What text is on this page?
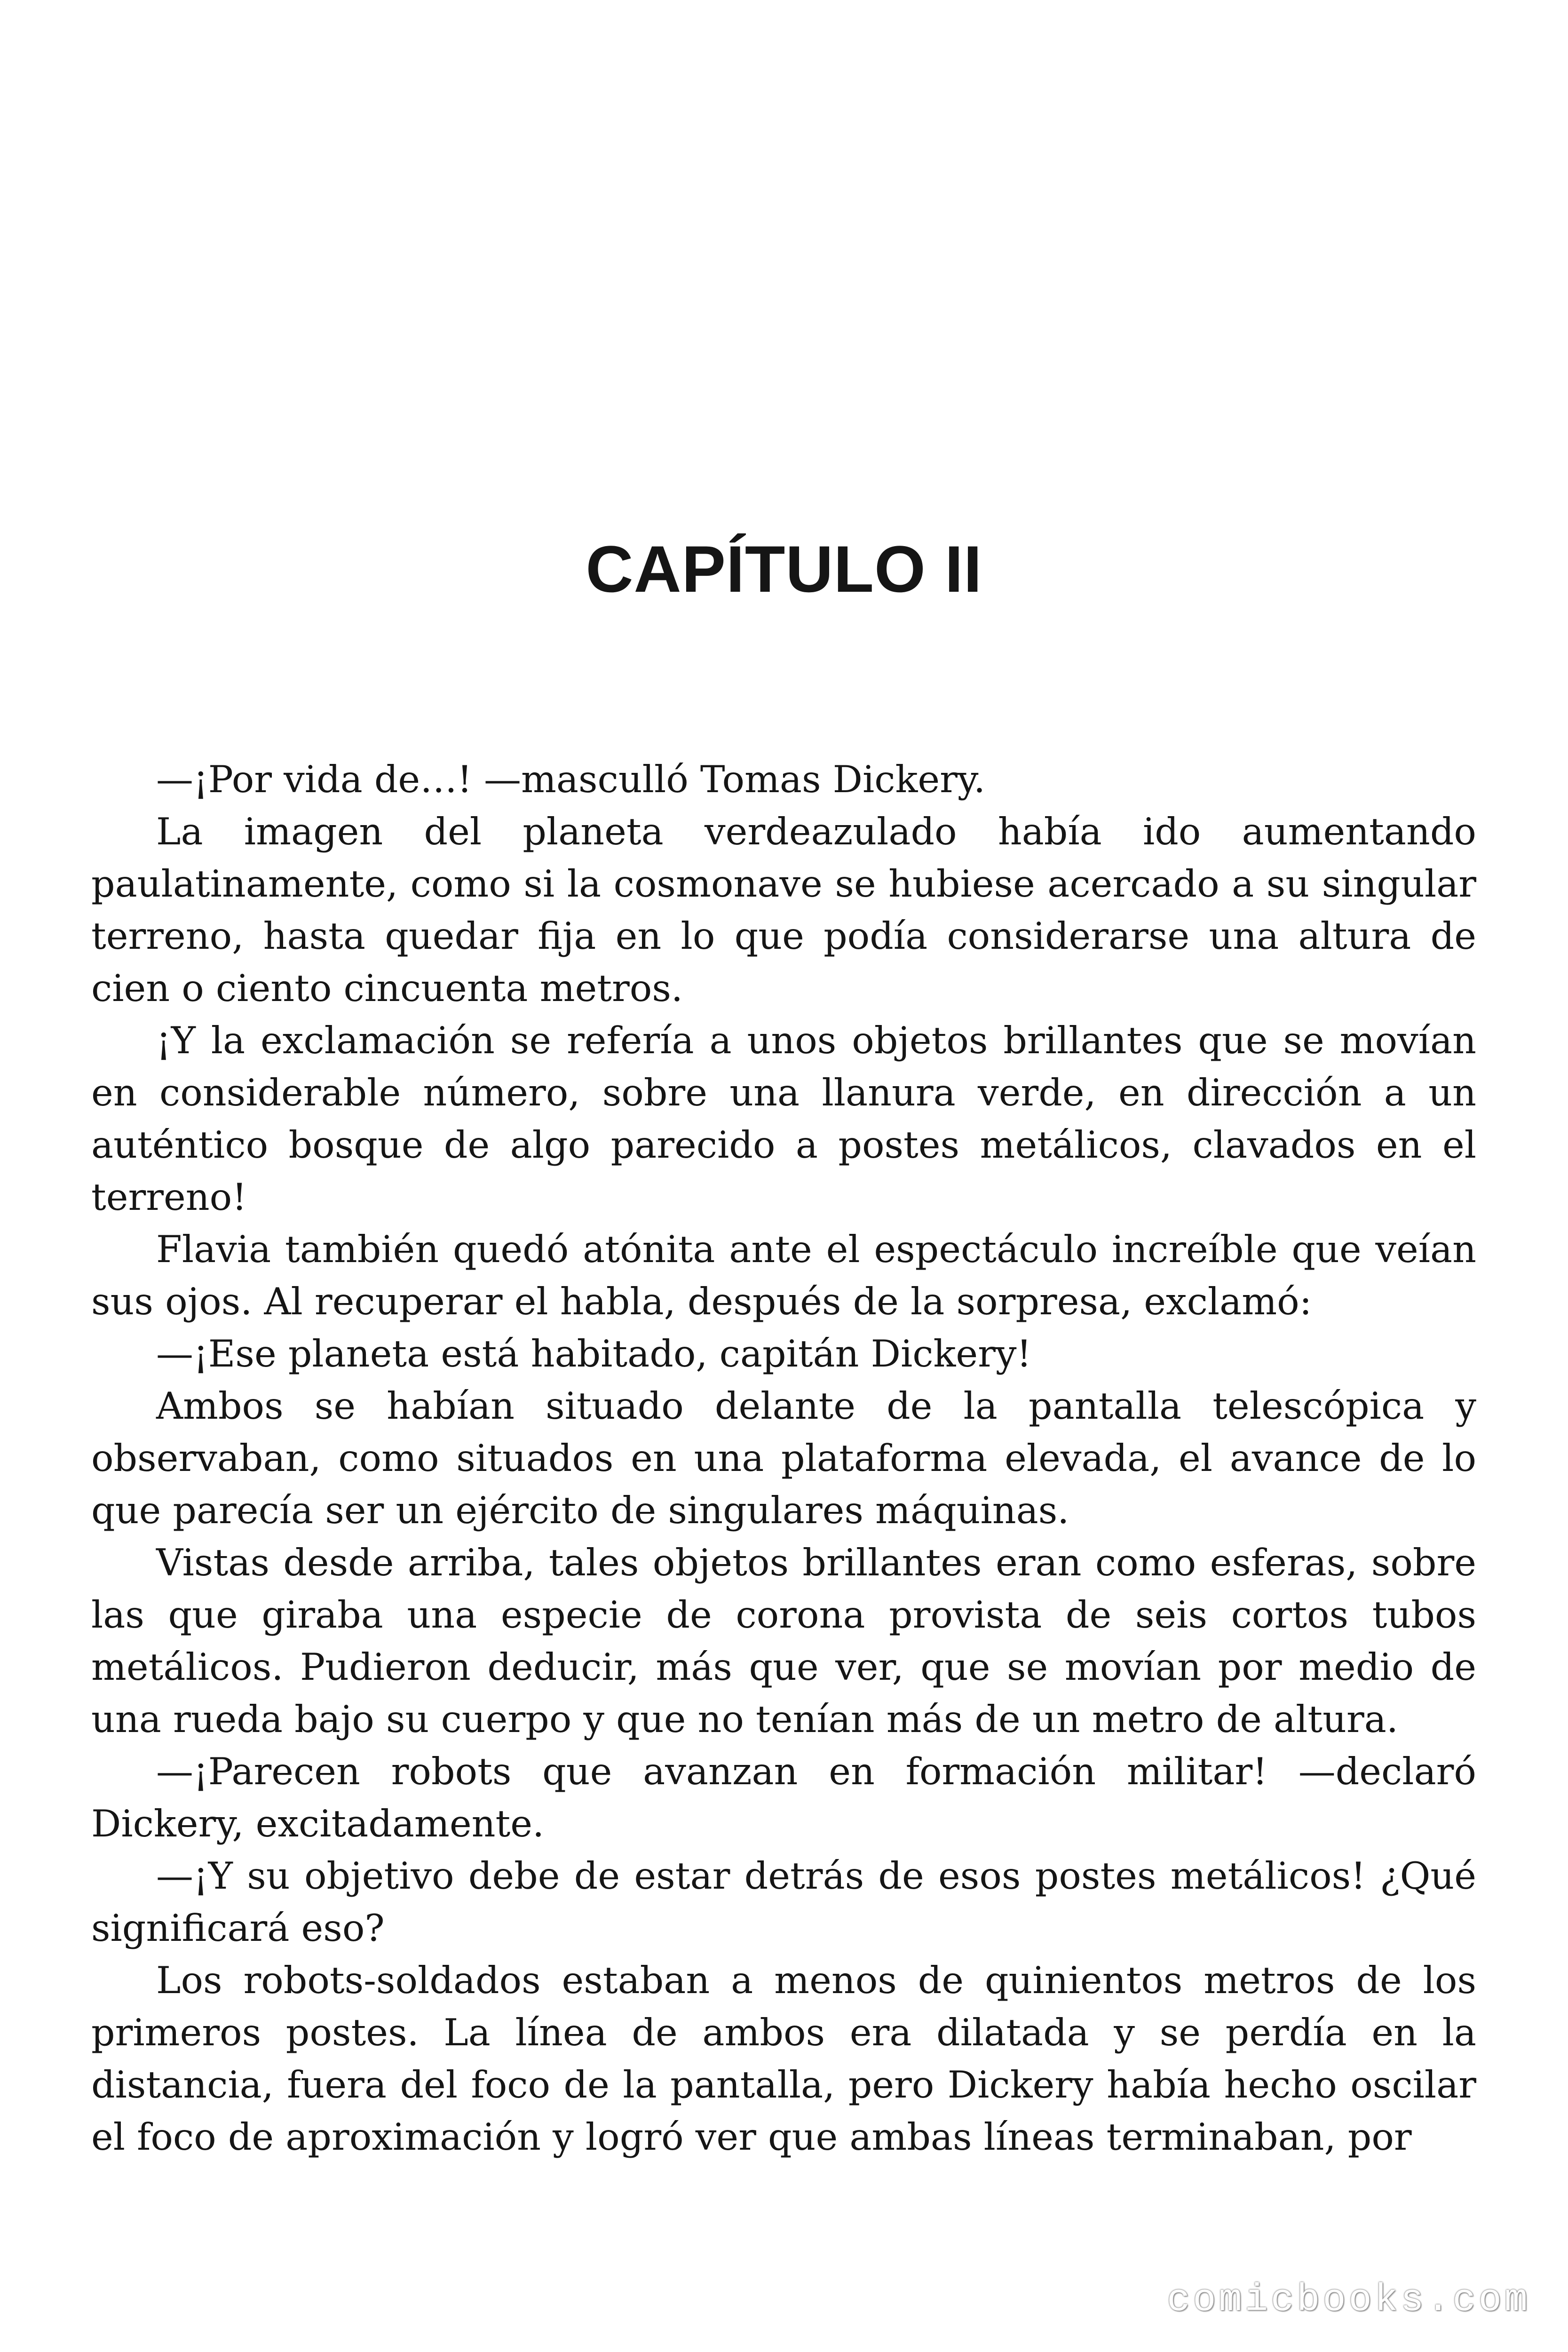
CAPÍTULO II

—¡Por vida de…! —masculló Tomas Dickery.

La imagen del planeta verdeazulado había ido aumentando paulatinamente, como si la cosmonave se hubiese acercado a su singular terreno, hasta quedar fija en lo que podía considerarse una altura de cien o ciento cincuenta metros.

¡Y la exclamación se refería a unos objetos brillantes que se movían en considerable número, sobre una llanura verde, en dirección a un auténtico bosque de algo parecido a postes metálicos, clavados en el terreno!

Flavia también quedó atónita ante el espectáculo increíble que veían sus ojos. Al recuperar el habla, después de la sorpresa, exclamó:

—¡Ese planeta está habitado, capitán Dickery!

Ambos se habían situado delante de la pantalla telescópica y observaban, como situados en una plataforma elevada, el avance de lo que parecía ser un ejército de singulares máquinas.

Vistas desde arriba, tales objetos brillantes eran como esferas, sobre las que giraba una especie de corona provista de seis cortos tubos metálicos. Pudieron deducir, más que ver, que se movían por medio de una rueda bajo su cuerpo y que no tenían más de un metro de altura.

—¡Parecen robots que avanzan en formación militar! —declaró Dickery, excitadamente.

—¡Y su objetivo debe de estar detrás de esos postes metálicos! ¿Qué significará eso?

Los robots-soldados estaban a menos de quinientos metros de los primeros postes. La línea de ambos era dilatada y se perdía en la distancia, fuera del foco de la pantalla, pero Dickery había hecho oscilar el foco de aproximación y logró ver que ambas líneas terminaban, por

comicbooks.com
